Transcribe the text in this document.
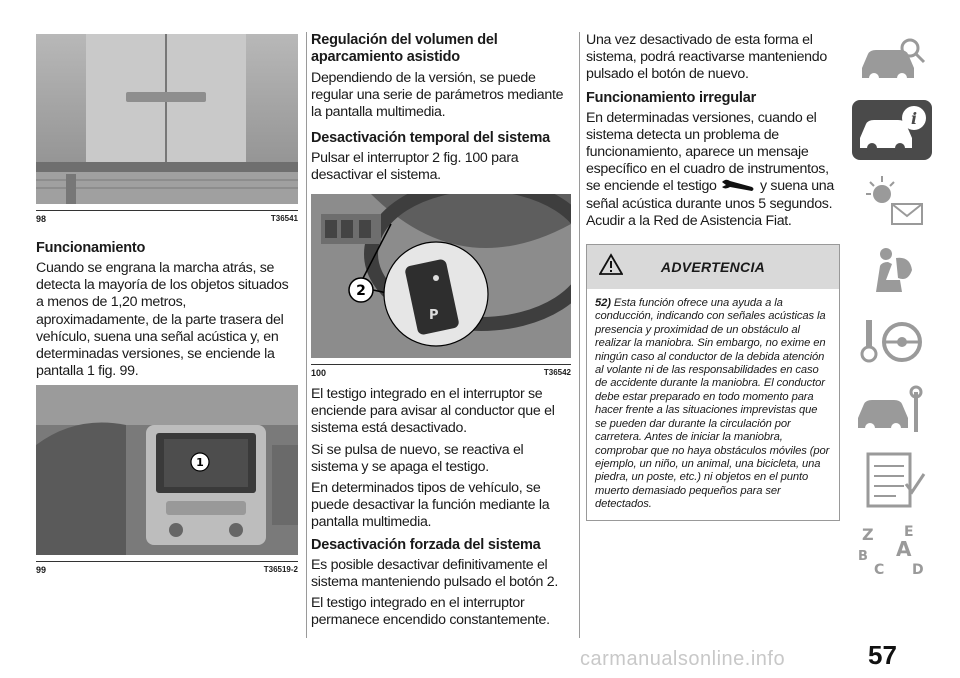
98	T36541
Funcionamiento

Cuando se engrana la marcha atrás, se detecta la mayoría de los objetos situados a menos de 1,20 metros, aproximadamente, de la parte trasera del vehículo, suena una señal acústica y, en determinadas versiones, se enciende la pantalla 1 fig. 99.

1
99	T36519-2
Regulación del volumen del aparcamiento asistido

Dependiendo de la versión, se puede regular una serie de parámetros mediante la pantalla multimedia.

Desactivación temporal del sistema

Pulsar el interruptor 2 fig. 100 para desactivar el sistema.

2
P
100	T36542

El testigo integrado en el interruptor se enciende para avisar al conductor que el sistema está desactivado.

Si se pulsa de nuevo, se reactiva el sistema y se apaga el testigo.

En determinados tipos de vehículo, se puede desactivar la función mediante la pantalla multimedia.

Desactivación forzada del sistema

Es posible desactivar definitivamente el sistema manteniendo pulsado el botón 2.

El testigo integrado en el interruptor permanece encendido constantemente.

Una vez desactivado de esta forma el sistema, podrá reactivarse manteniendo pulsado el botón de nuevo.

Funcionamiento irregular

En determinadas versiones, cuando el sistema detecta un problema de funcionamiento, aparece un mensaje específico en el cuadro de instrumentos, se enciende el testigo	y suena una señal acústica durante unos 5 segundos. Acudir a la Red de Asistencia Fiat.

ADVERTENCIA
52) Esta función ofrece una ayuda a la conducción, indicando con señales acústicas la presencia y proximidad de un obstáculo al realizar la maniobra. Sin embargo, no exime en ningún caso al conductor de la debida atención al volante ni de las responsabilidades en caso de accidente durante la maniobra. El conductor debe estar preparado en todo momento para hacer frente a las situaciones imprevistas que se pueden dar durante la circulación por carretera. Antes de iniciar la maniobra, comprobar que no haya obstáculos móviles (por ejemplo, un niño, un animal, una bicicleta, una piedra, un poste, etc.) ni objetos en el punto muerto demasiado pequeños para ser detectados.
i
Z E
B A
C D
57
carmanualsonline.info
